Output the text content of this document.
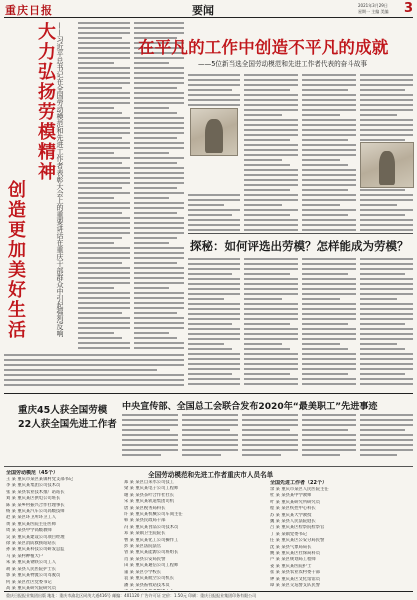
重庆日报	要闻	2021年3月29日
星期一 主编 美编 3
大力弘扬劳模精神
创造更加美好生活	——习近平总书记在全国劳动模范和先进工作者表彰大会上的重要讲话在重庆干部群众中引起强烈反响	在平凡的工作中创造不平凡的成就
——5位新当选全国劳动模范和先进工作者代表的奋斗故事
探秘：如何评选出劳模？怎样能成为劳模？
中央宣传部、全国总工会联合发布2020年“最美职工”先进事迹
重庆45人获全国劳模
22人获全国先进工作者
全国劳动模范和先进工作者重庆市人员名单
全国劳动模范（45个）
王 某 重庆市某区某镇村党支部书记
李 某 重庆某集团公司技术员
张 某 某县农业技术推广站站长
刘 某 重庆某区供电公司班长
陈 某 某乡村振兴合作社理事长
杨 某 重庆某汽车公司高级技师
赵 某 某区环卫所环卫工人
黄 某 重庆某医院主任医师
周 某 某县中学高级教师
吴 某 重庆某建设公司项目经理
徐 某 某区消防救援站站长
孙 某 重庆某科技公司研发总监
马 某 某村种植大户
朱 某 重庆某钢铁公司工人
胡 某 某县人民医院护士长
郭 某 重庆某物流公司驾驶员
何 某 某区社区党委书记
高 某 重庆某研究院研究员
郑 某 某区自来水公司技工
梁 某 重庆某电子公司工程师
谢 某 某县茶叶合作社社长
宋 某 重庆某轨道集团司机
唐 某 某区税务局科长
许 某 重庆某机械公司车间主任
韩 某 某县民政局干部
冯 某 重庆某食品公司技术员
邓 某 某镇卫生院院长
曹 某 重庆某化工公司操作工
彭 某 某区法院法官
曾 某 重庆某能源公司班组长
肖 某 某县公安局民警
田 某 重庆某通信公司工程师
董 某 某区小学校长
袁 某 重庆某航空公司机长
潘 某 某县畜牧站技术员
全国先进工作者（22个）
余 某 重庆市某区人民医院主任
杜 某 某县某中学教师
叶 某 重庆某研究所研究员
程 某 某区疾控中心科长
苏 某 重庆某大学教授
魏 某 某县人民法院庭长
吕 某 重庆某区检察院检察官
丁 某 某镇党委书记
任 某 重庆某区公安分局民警
沈 某 某县气象局局长
姚 某 重庆某区社保局科员
卢 某 某区规划局工程师
姜 某 重庆某医院护士
崔 某 某县农业农村委干部
钟 某 重庆某区文化馆馆员
谭 某 某区交巡警支队民警
重庆日报报业集团出版 地址：重庆市渝北区同茂大道416号 邮编：401120 广告许可证 定价：1.50元 印刷：重庆日报报业集团印务有限公司
